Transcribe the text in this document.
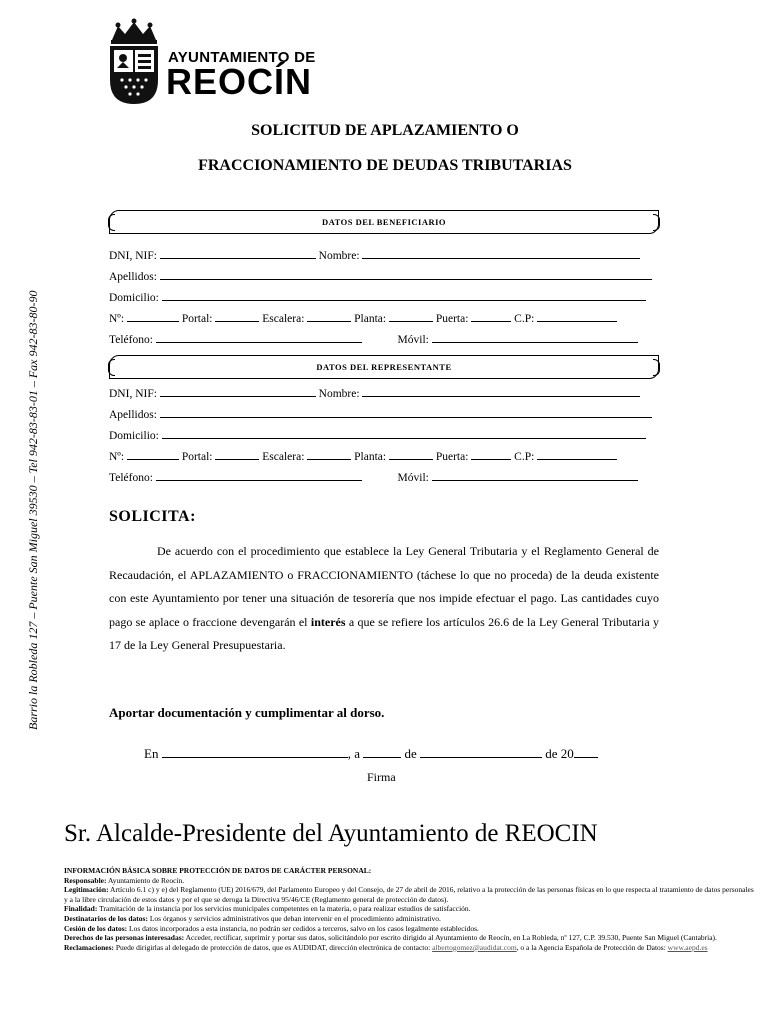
AYUNTAMIENTO DE
REOCÍN
SOLICITUD DE APLAZAMIENTO O
FRACCIONAMIENTO DE DEUDAS TRIBUTARIAS
Barrio la Robleda 127 – Puente San Miguel 39530 – Tel 942-83-83-01 – Fax 942-83-80-90
DATOS DEL BENEFICIARIO
DNI, NIF:	Nombre:
Apellidos:
Domicilio:
Nº:	Portal:	Escalera:	Planta:	Puerta:	C.P:
Teléfono:	Móvil:
DATOS DEL REPRESENTANTE
DNI, NIF:	Nombre:
Apellidos:
Domicilio:
Nº:	Portal:	Escalera:	Planta:	Puerta:	C.P:
Teléfono:	Móvil:
SOLICITA:
De acuerdo con el procedimiento que establece la Ley General Tributaria y el Reglamento General de Recaudación, el APLAZAMIENTO o FRACCIONAMIENTO (táchese lo que no proceda) de la deuda existente con este Ayuntamiento por tener una situación de tesorería que nos impide efectuar el pago. Las cantidades cuyo pago se aplace o fraccione devengarán el interés a que se refiere los artículos 26.6 de la Ley General Tributaria y 17 de la Ley General Presupuestaria.
Aportar documentación y cumplimentar al dorso.
En	, a	de	de 20
Firma
Sr. Alcalde-Presidente del Ayuntamiento de REOCIN

INFORMACIÓN BÁSICA SOBRE PROTECCIÓN DE DATOS DE CARÁCTER PERSONAL:

Responsable: Ayuntamiento de Reocín.

Legitimación: Artículo 6.1 c) y e) del Reglamento (UE) 2016/679, del Parlamento Europeo y del Consejo, de 27 de abril de 2016, relativo a la protección de las personas físicas en lo que respecta al tratamiento de datos personales y a la libre circulación de estos datos y por el que se deroga la Directiva 95/46/CE (Reglamento general de protección de datos).

Finalidad: Tramitación de la instancia por los servicios municipales competentes en la materia, o para realizar estudios de satisfacción.

Destinatarios de los datos: Los órganos y servicios administrativos que deban intervenir en el procedimiento administrativo.

Cesión de los datos: Los datos incorporados a esta instancia, no podrán ser cedidos a terceros, salvo en los casos legalmente establecidos.

Derechos de las personas interesadas: Acceder, rectificar, suprimir y portar sus datos, solicitándolo por escrito dirigido al Ayuntamiento de Reocín, en La Robleda, nº 127, C.P. 39.530, Puente San Miguel (Cantabria).

Reclamaciones: Puede dirigirlas al delegado de protección de datos, que es AUDIDAT, dirección electrónica de contacto: albertogomez@audidat.com, o a la Agencia Española de Protección de Datos: www.aepd.es
